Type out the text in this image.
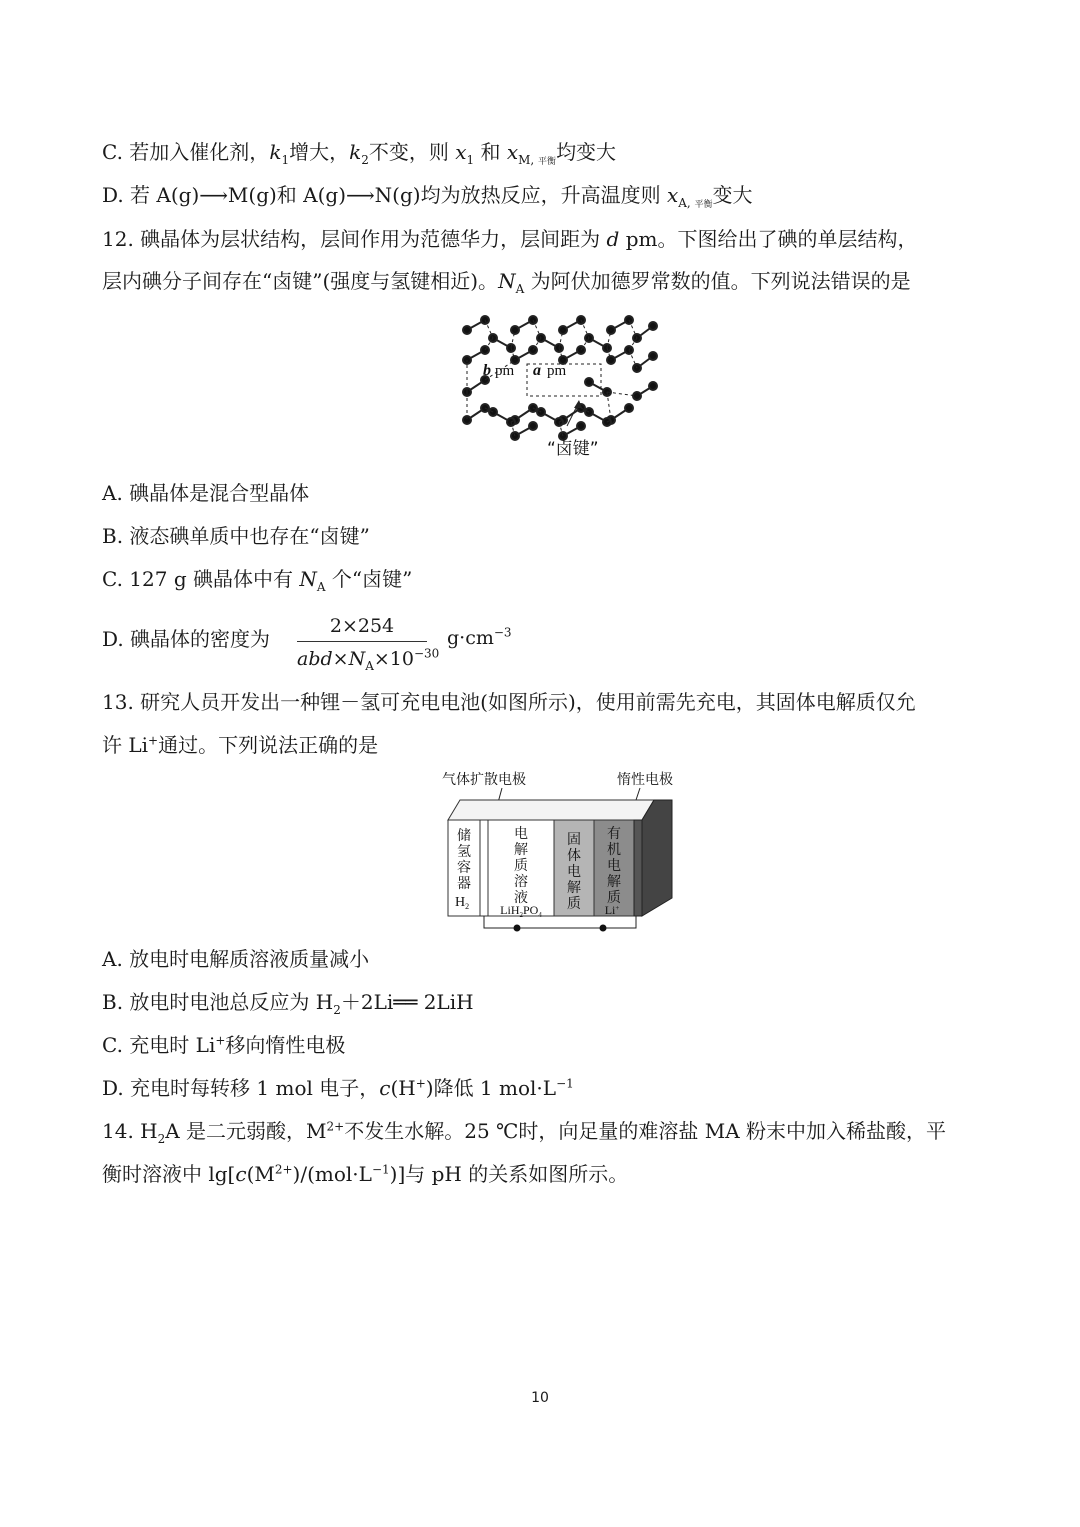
C. 若加入催化剂，$k_1$增大，$k_2$不变，则 $x_1$ 和 $x_{M,}$ $_{平衡}$均变大
D. 若 A(g)⟶M(g)和 A(g)⟶N(g)均为放热反应，升高温度则 $x_{A,}$ $_{平衡}$变大
12. 碘晶体为层状结构，层间作用为范德华力，层间距为 d pm。下图给出了碘的单层结构，
层内碘分子间存在“卤键”(强度与氢键相近)。$N_A$ 为阿伏加德罗常数的值。下列说法错误的是
b pm a pm
“卤键”
A. 碘晶体是混合型晶体
B. 液态碘单质中也存在“卤键”
C. 127 g 碘晶体中有 $N_A$ 个“卤键”
D. 碘晶体的密度为
2×254
$abd\times N_A\times 10^{-30}$
$g\cdot cm^{-3}$
13. 研究人员开发出一种锂－氢可充电电池(如图所示)，使用前需先充电，其固体电解质仅允
许 Li+通过。下列说法正确的是
气体扩散电极	惰性电极
储
氢
容
器
$H_2$
电
解
质
溶
液
$LiH_2PO_4$
固
体
电
解
质
有
机
电
解
质
Li+
A. 放电时电解质溶液质量减小
B. 放电时电池总反应为 $H_2+2Li══$ 2LiH
C. 充电时 Li+移向惰性电极
D. 充电时每转移 1 mol 电子，c(H+)降低 1 $mol\cdot L^{-1}$
14. $H_2A$ 是二元弱酸，$M^{2+}$不发生水解。25 ℃时，向足量的难溶盐 MA 粉末中加入稀盐酸，平
衡时溶液中 $\lg[c(M^{2+})/(mol\cdot L^{-1})]$与 pH 的关系如图所示。
10
